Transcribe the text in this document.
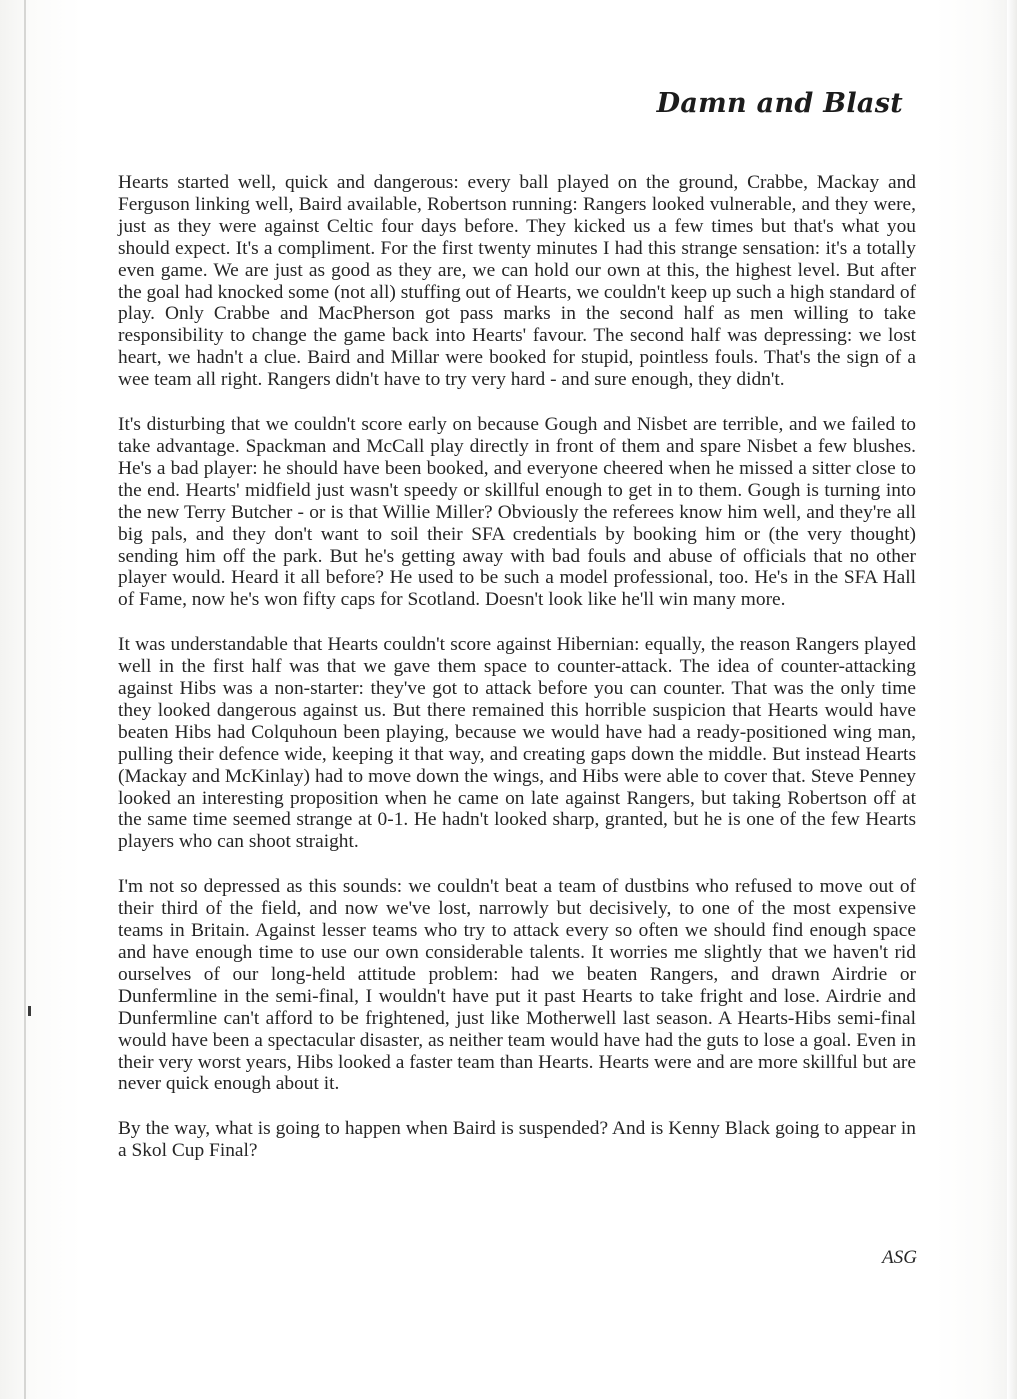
Damn and Blast

Hearts started well, quick and dangerous: every ball played on the ground, Crabbe, Mackay and Ferguson linking well, Baird available, Robertson running: Rangers looked vulnerable, and they were, just as they were against Celtic four days before. They kicked us a few times but that's what you should expect. It's a compliment. For the first twenty minutes I had this strange sensation: it's a totally even game. We are just as good as they are, we can hold our own at this, the highest level. But after the goal had knocked some (not all) stuffing out of Hearts, we couldn't keep up such a high standard of play. Only Crabbe and MacPherson got pass marks in the second half as men willing to take responsibility to change the game back into Hearts' favour. The second half was depressing: we lost heart, we hadn't a clue. Baird and Millar were booked for stupid, pointless fouls. That's the sign of a wee team all right. Rangers didn't have to try very hard - and sure enough, they didn't.

It's disturbing that we couldn't score early on because Gough and Nisbet are terrible, and we failed to take advantage. Spackman and McCall play directly in front of them and spare Nisbet a few blushes. He's a bad player: he should have been booked, and everyone cheered when he missed a sitter close to the end. Hearts' midfield just wasn't speedy or skillful enough to get in to them. Gough is turning into the new Terry Butcher - or is that Willie Miller? Obviously the referees know him well, and they're all big pals, and they don't want to soil their SFA credentials by booking him or (the very thought) sending him off the park. But he's getting away with bad fouls and abuse of officials that no other player would. Heard it all before? He used to be such a model professional, too. He's in the SFA Hall of Fame, now he's won fifty caps for Scotland. Doesn't look like he'll win many more.

It was understandable that Hearts couldn't score against Hibernian: equally, the reason Rangers played well in the first half was that we gave them space to counter-attack. The idea of counter-attacking against Hibs was a non-starter: they've got to attack before you can counter. That was the only time they looked dangerous against us. But there remained this horrible suspicion that Hearts would have beaten Hibs had Colquhoun been playing, because we would have had a ready-positioned wing man, pulling their defence wide, keeping it that way, and creating gaps down the middle. But instead Hearts (Mackay and McKinlay) had to move down the wings, and Hibs were able to cover that. Steve Penney looked an interesting proposition when he came on late against Rangers, but taking Robertson off at the same time seemed strange at 0-1. He hadn't looked sharp, granted, but he is one of the few Hearts players who can shoot straight.

I'm not so depressed as this sounds: we couldn't beat a team of dustbins who refused to move out of their third of the field, and now we've lost, narrowly but decisively, to one of the most expensive teams in Britain. Against lesser teams who try to attack every so often we should find enough space and have enough time to use our own considerable talents. It worries me slightly that we haven't rid ourselves of our long-held attitude problem: had we beaten Rangers, and drawn Airdrie or Dunfermline in the semi-final, I wouldn't have put it past Hearts to take fright and lose. Airdrie and Dunfermline can't afford to be frightened, just like Motherwell last season. A Hearts-Hibs semi-final would have been a spectacular disaster, as neither team would have had the guts to lose a goal. Even in their very worst years, Hibs looked a faster team than Hearts. Hearts were and are more skillful but are never quick enough about it.

By the way, what is going to happen when Baird is suspended? And is Kenny Black going to appear in a Skol Cup Final?

ASG
